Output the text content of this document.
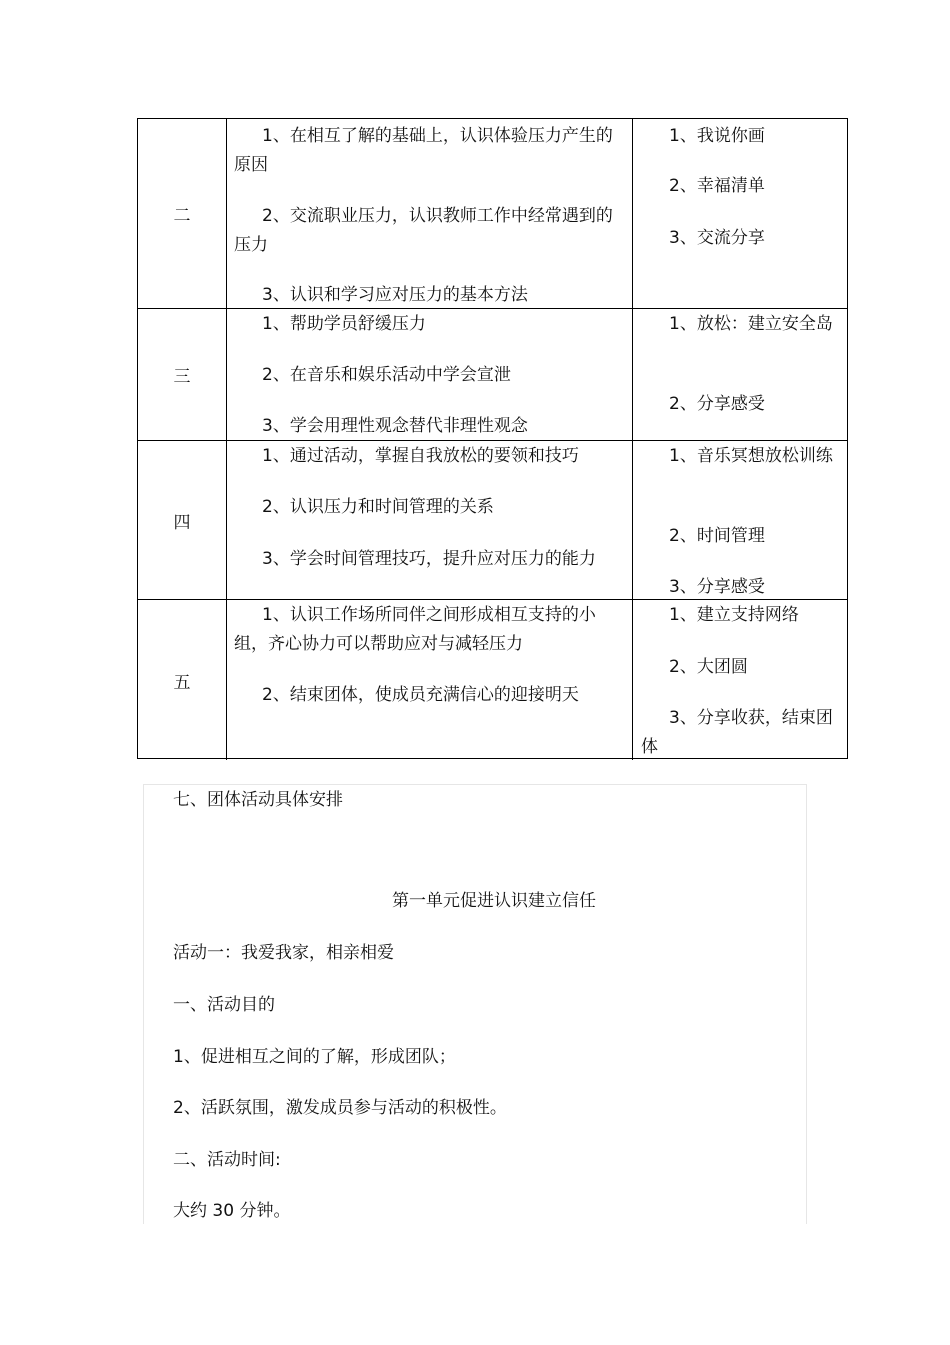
二
1、在相互了解的基础上，认识体验压力产生的原因
2、交流职业压力，认识教师工作中经常遇到的压力
3、认识和学习应对压力的基本方法
1、我说你画
2、幸福清单
3、交流分享
三
1、帮助学员舒缓压力
2、在音乐和娱乐活动中学会宣泄
3、学会用理性观念替代非理性观念
1、放松：建立安全岛
2、分享感受
四
1、通过活动，掌握自我放松的要领和技巧
2、认识压力和时间管理的关系
3、学会时间管理技巧，提升应对压力的能力
1、音乐冥想放松训练
2、时间管理
3、分享感受
五
1、认识工作场所同伴之间形成相互支持的小组，齐心协力可以帮助应对与减轻压力
2、结束团体，使成员充满信心的迎接明天
1、建立支持网络
2、大团圆
3、分享收获，结束团体
七、团体活动具体安排
第一单元促进认识建立信任
活动一：我爱我家，相亲相爱
一、活动目的
1、促进相互之间的了解，形成团队；
2、活跃氛围，激发成员参与活动的积极性。
二、活动时间:
大约 30 分钟。
